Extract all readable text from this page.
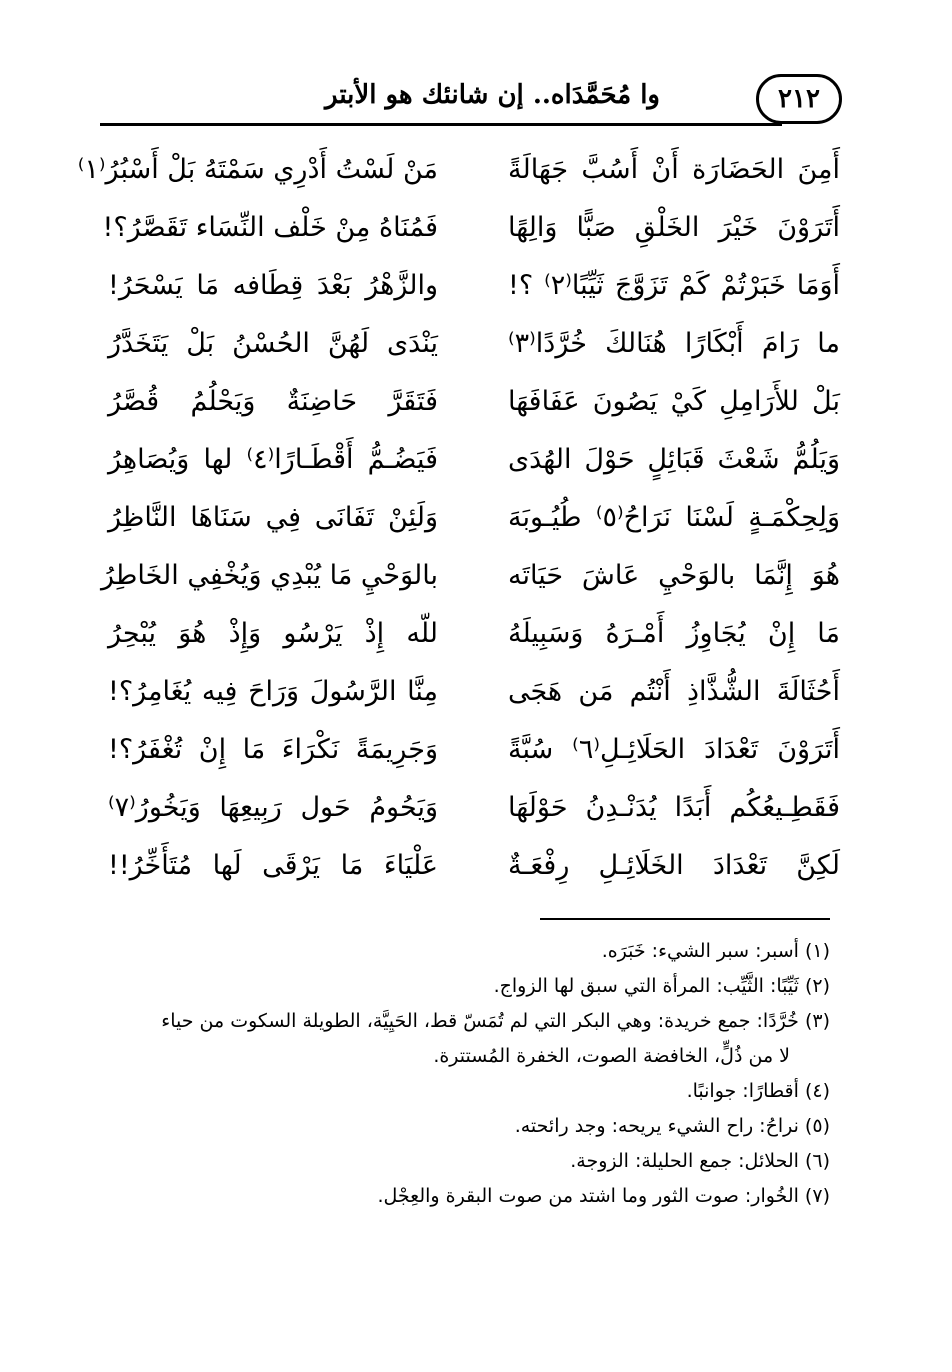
وا مُحَمَّدَاه.. إن شانئك هو الأبتر	٢١٢
أَمِنَ الحَضَارَة أَنْ أَسُبَّ جَهَالَةً
مَنْ لَسْتُ أَدْرِي سَمْتَهُ بَلْ أَسْبُرُ⁽١⁾
أَتَرَوْنَ خَيْرَ الخَلْقِ صَبًّا وَالِهًا
فَمُنَاهُ مِنْ خَلْف النِّسَاء تَقَصَّرُ؟!
أَوَمَا خَبَرْتُمْ كَمْ تَزَوَّجَ ثَيِّبًا⁽٢⁾ ؟!
والزَّهْرُ بَعْدَ قِطَافه مَا يَسْحَرُ!
ما رَامَ أَبْكَارًا هُنَالكَ خُرَّدًا⁽٣⁾
يَنْدَى لَهُنَّ الحُسْنُ بَلْ يَتَخَدَّرُ
بَلْ للأَرَامِلِ كَيْ يَصُونَ عَفَافَهَا
فَتَقَرَّ حَاضِنَةٌ وَيَحْلُمُ قُصَّرُ
وَيَلُمُّ شَعْثَ قَبَائِلٍ حَوْلَ الهُدَى
فَيَضُـمُّ أَقْطَـارًا⁽٤⁾ لها وَيُصَاهِرُ
وَلِحِكْمَـةٍ لَسْنَا نَرَاحُ⁽٥⁾ طُيُـوبَهَ
وَلَئِنْ تَفَانَى فِي سَنَاهَا النَّاظِرُ
هُوَ إِنَّمَا بالوَحْيِ عَاشَ حَيَاتَه
بالوَحْيِ مَا يُبْدِي وَيُخْفِي الخَاطِرُ
مَا إِنْ يُجَاوِزُ أَمْـرَهُ وَسَبِيلَهُ
للّه إِذْ يَرْسُو وَإِذْ هُوَ يُبْحِرُ
أَحُثَالَةَ الشُّذَّاذِ أَنْتُم مَن هَجَى
مِنَّا الرَّسُولَ وَرَاحَ فِيه يُغَامِرُ؟!
أَتَرَوْنَ تَعْدَادَ الحَلَائِـلِ⁽٦⁾ سُبَّةً
وَجَرِيمَةً نَكْرَاءَ مَا إِنْ تُغْفَرُ؟!
فَقَطِـيعُكُم أَبَدًا يُدَنْـدِنُ حَوْلَهَا
وَيَحُومُ حَول رَبِيعِهَا وَيَخُورُ⁽٧⁾
لَكِنَّ تَعْدَادَ الخَلَائِـلِ رِفْعَـةٌ
عَلْيَاءَ مَا يَرْقَى لَها مُتَأَخِّرُ!!
(١) أسبر: سبر الشيء: خَبَرَه.
(٢) ثَيِّبًا: الثَّيِّب: المرأة التي سبق لها الزواج.
(٣) خُرَّدًا: جمع خريدة: وهي البكر التي لم تُمَسّ قط، الحَيِيَّة، الطويلة السكوت من حياء
لا من ذُلٍّ، الخافضة الصوت، الخفرة المُستترة.
(٤) أقطارًا: جوانبًا.
(٥) نراحُ: راح الشيء يريحه: وجد رائحته.
(٦) الحلائل: جمع الحليلة: الزوجة.
(٧) الخُوار: صوت الثور وما اشتد من صوت البقرة والعِجْل.
